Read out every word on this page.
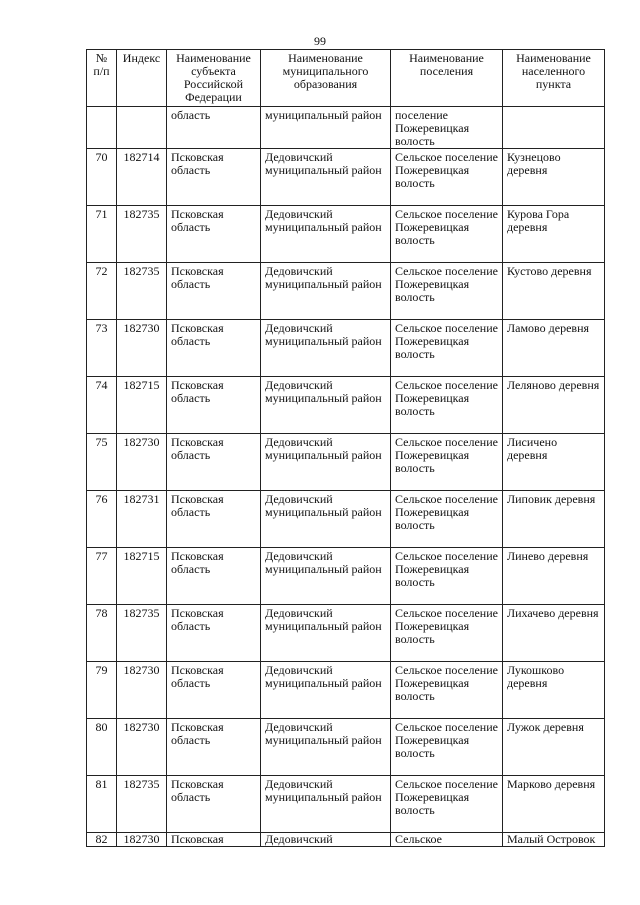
99
№ п/п	Индекс	Наименование субъекта Российской Федерации	Наименование муниципального образования	Наименование поселения	Наименование населенного пункта
		область	муниципальный район	поселение Пожеревицкая волость	
70	182714	Псковская область	Дедовичский муниципальный район	Сельское поселение Пожеревицкая волость	Кузнецово деревня
71	182735	Псковская область	Дедовичский муниципальный район	Сельское поселение Пожеревицкая волость	Курова Гора деревня
72	182735	Псковская область	Дедовичский муниципальный район	Сельское поселение Пожеревицкая волость	Кустово деревня
73	182730	Псковская область	Дедовичский муниципальный район	Сельское поселение Пожеревицкая волость	Ламово деревня
74	182715	Псковская область	Дедовичский муниципальный район	Сельское поселение Пожеревицкая волость	Леляново деревня
75	182730	Псковская область	Дедовичский муниципальный район	Сельское поселение Пожеревицкая волость	Лисичено деревня
76	182731	Псковская область	Дедовичский муниципальный район	Сельское поселение Пожеревицкая волость	Липовик деревня
77	182715	Псковская область	Дедовичский муниципальный район	Сельское поселение Пожеревицкая волость	Линево деревня
78	182735	Псковская область	Дедовичский муниципальный район	Сельское поселение Пожеревицкая волость	Лихачево деревня
79	182730	Псковская область	Дедовичский муниципальный район	Сельское поселение Пожеревицкая волость	Лукошково деревня
80	182730	Псковская область	Дедовичский муниципальный район	Сельское поселение Пожеревицкая волость	Лужок деревня
81	182735	Псковская область	Дедовичский муниципальный район	Сельское поселение Пожеревицкая волость	Марково деревня
82	182730	Псковская	Дедовичский	Сельское	Малый Островок
